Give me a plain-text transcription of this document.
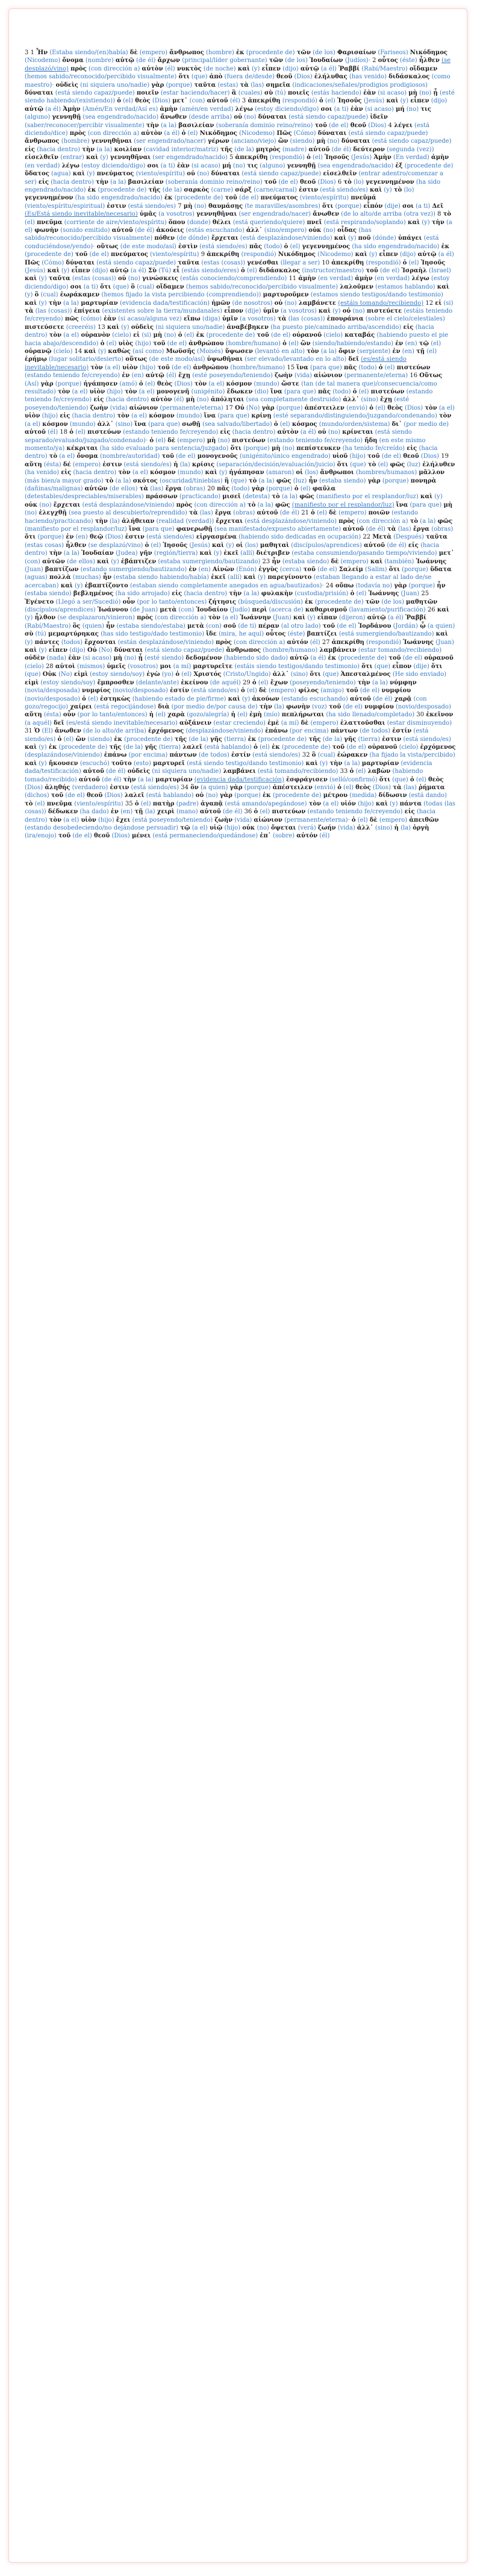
3 1 Ἦν (Estaba siendo/(en)había) δὲ (empero) ἄνθρωπος (hombre) ἐκ (procedente de) τῶν (de los) Φαρισαίων (Fariseos) Νικόδημος (Nicodemo) ὄνομα (nombre) αὐτῷ (de él) ἄρχων (principal/líder gobernante) τῶν (de los) Ἰουδαίων (Judíos)· 2 οὗτος (éste) ἦλθεν (se desplazó/vino) πρὸς (con dirección a) αὐτὸν (él) νυκτὸς (de noche) καὶ (y) εἶπεν (dijo) αὐτῷ (a él) Ῥαββί (Rabí/Maestro) οἴδαμεν (hemos sabido/reconocido/percibido visualmente) ὅτι (que) ἀπὸ (fuera de/desde) θεοῦ (Dios) ἐλήλυθας (has venido) διδάσκαλος (como maestro)· οὐδεὶς (ni siquiera uno/nadie) γὰρ (porque) ταῦτα (estas) τὰ (las) σημεῖα (indicaciones/señales/prodigios prodigiosos) δύναται (está siendo capaz/puede) ποιεῖν (estar haciendo/hacer) ἃ (cuales) σὺ (tú) ποιεῖς (estás haciendo) ἐὰν (si acaso) μὴ (no) ᾖ (esté siendo habiendo/(existiendo)) ὁ (el) θεὸς (Dios) μετ᾽ (con) αὐτοῦ (él) 3 ἀπεκρίθη (respondió) ὁ (el) Ἰησοῦς (Jesús) καὶ (y) εἶπεν (dijo) αὐτῷ (a él) Ἀμὴν (Amén/En verdad/Así es) ἀμὴν (amén/en verdad) λέγω (estoy diciendo/digo) σοι (a ti) ἐὰν (si acaso) μή (no) τις (alguno) γεννηθῇ (sea engendrado/nacido) ἄνωθεν (desde arriba) οὐ (no) δύναται (está siendo capaz/puede) ἰδεῖν (saber/reconocer/percibir visualmente) τὴν (a la) βασιλείαν (soberanía dominio reino/reino) τοῦ (de el) θεοῦ (Dios) 4 λέγει (está diciendo/dice) πρὸς (con dirección a) αὐτὸν (a él) ὁ (el) Νικόδημος (Nicodemo) Πῶς (Cómo) δύναται (está siendo capaz/puede) ἄνθρωπος (hombre) γεννηθῆναι (ser engendrado/nacer) γέρων (anciano/viejo) ὢν (siendo) μὴ (no) δύναται (está siendo capaz/puede) εἰς (hacia dentro) τὴν (a la) κοιλίαν (cavidad interior/matriz) τῆς (de la) μητρὸς (madre) αὐτοῦ (de él) δεύτερον (segunda (vez)) εἰσελθεῖν (entrar) καὶ (y) γεννηθῆναι (ser engendrado/nacido) 5 ἀπεκρίθη (respondió) ὁ (el) Ἰησοῦς (Jesús) Ἀμὴν (En verdad) ἀμὴν (en verdad) λέγω (estoy diciendo/digo) σοι (a ti) ἐὰν (si acaso) μή (no) τις (alguno) γεννηθῇ (sea engendrado/nacido) ἐξ (procedente de) ὕδατος (agua) καὶ (y) πνεύματος (viento/espíritu) οὐ (no) δύναται (está siendo capaz/puede) εἰσελθεῖν (entrar adentro/comenzar a ser) εἰς (hacia dentro) τὴν (a la) βασιλείαν (soberanía dominio reino/reino) τοῦ (de el) θεοῦ (Dios) 6 τὸ (lo) γεγεννημένον (ha sido engendrado/nacido) ἐκ (procedente de) τῆς (de la) σαρκὸς (carne) σάρξ (carne/carnal) ἐστιν (está siendo/es) καὶ (y) τὸ (lo) γεγεννημένον (ha sido engendrado/nacido) ἐκ (procedente de) τοῦ (de el) πνεύματος (viento/espíritu) πνεῦμά (viento/espíritu/espiritual) ἐστιν (está siendo/es) 7 μὴ (no) θαυμάσῃς (te maravilles/asombres) ὅτι (porque) εἶπόν (dije) σοι (a ti) Δεῖ (Es/Está siendo inevitable/necesario) ὑμᾶς (a vosotros) γεννηθῆναι (ser engendrado/nacer) ἄνωθεν (de lo alto/de arriba (otra vez)) 8 τὸ (el) πνεῦμα (corriente de aire/viento/espíritu) ὅπου (donde) θέλει (está queriendo/quiere) πνεῖ (está respirando/soplando) καὶ (y) τὴν (a el) φωνὴν (sonido emitido) αὐτοῦ (de él) ἀκούεις (estás escuchando) ἀλλ᾽ (sino/empero) οὐκ (no) οἶδας (has sabido/reconocido/percibido visualmente) πόθεν (de dónde) ἔρχεται (está desplazándose/viniendo) καὶ (y) ποῦ (dónde) ὑπάγει (está conduciéndose/yendo)· οὕτως (de este modo/así) ἐστὶν (está siendo/es) πᾶς (todo) ὁ (el) γεγεννημένος (ha sido engendrado/nacido) ἐκ (procedente de) τοῦ (de el) πνεύματος (viento/espíritu) 9 ἀπεκρίθη (respondió) Νικόδημος (Nicodemo) καὶ (y) εἶπεν (dijo) αὐτῷ (a él) Πῶς (Cómo) δύναται (está siendo capaz/puede) ταῦτα (estas (cosas)) γενέσθαι (llegar a ser) 10 ἀπεκρίθη (respondió) ὁ (el) Ἰησοῦς (Jesús) καὶ (y) εἶπεν (dijo) αὐτῷ (a él) Σὺ (Tú) εἶ (estás siendo/eres) ὁ (el) διδάσκαλος (instructor/maestro) τοῦ (de el) Ἰσραὴλ (Israel) καὶ (y) ταῦτα (estas (cosas)) οὐ (no) γινώσκεις (estás conociendo/comprendiendo) 11 ἀμὴν (en verdad) ἀμὴν (en verdad) λέγω (estoy diciendo/digo) σοι (a ti) ὅτι (que) ὃ (cual) οἴδαμεν (hemos sabido/reconocido/percibido visualmente) λαλοῦμεν (estamos hablando) καὶ (y) ὃ (cual) ἑωράκαμεν (hemos fijado la vista percibiendo (comprendiendo)) μαρτυροῦμεν (estamos siendo testigos/dando testimonio) καὶ (y) τὴν (a la) μαρτυρίαν (evidencia dada/testificación) ἡμῶν (de nosotros) οὐ (no) λαμβάνετε (estáis tomando/recibiendo) 12 εἰ (si) τὰ (las (cosas)) ἐπίγεια (existentes sobre la tierra/mundanales) εἶπον (dije) ὑμῖν (a vosotros) καὶ (y) οὐ (no) πιστεύετε (estáis teniendo fe/creyendo) πῶς (cómo) ἐὰν (si acaso/alguna vez) εἴπω (diga) ὑμῖν (a vosotros) τὰ (las (cosas)) ἐπουράνια (sobre el cielo/celestiales) πιστεύσετε (creeréis) 13 καὶ (y) οὐδεὶς (ni siquiera uno/nadie) ἀναβέβηκεν (ha puesto pie/caminado arriba/ascendido) εἰς (hacia dentro) τὸν (a el) οὐρανὸν (cielo) εἰ (si) μὴ (no) ὁ (el) ἐκ (procedente de) τοῦ (de el) οὐρανοῦ (cielo) καταβάς (habiendo puesto el pie hacia abajo/descendido) ὁ (el) υἱὸς (hijo) τοῦ (de el) ἀνθρώπου (hombre/humano) ὁ (el) ὢν (siendo/habiendo/estando) ἐν (en) τῷ (el) οὐρανῷ (cielo) 14 καὶ (y) καθὼς (así como) Μωϋσῆς (Moisés) ὕψωσεν (levantó en alto) τὸν (a la) ὄφιν (serpiente) ἐν (en) τῇ (el) ἐρήμῳ (lugar solitario/desierto) οὕτως (de este modo/así) ὑψωθῆναι (ser elevado/levantado en lo alto) δεῖ (es/está siendo inevitable/necesario) τὸν (a el) υἱὸν (hijo) τοῦ (de el) ἀνθρώπου (hombre/humano) 15 ἵνα (para que) πᾶς (todo) ὁ (el) πιστεύων (estando teniendo fe/creyendo) ἐν (en) αὐτῷ (él) ἔχῃ (esté poseyendo/teniendo) ζωὴν (vida) αἰώνιον (permanente/eterna) 16 Οὕτως (Así) γὰρ (porque) ἠγάπησεν (amó) ὁ (el) θεὸς (Dios) τὸν (a el) κόσμον (mundo) ὥστε (tan (de tal manera que)/consecuencia/como resultado) τὸν (a el) υἱὸν (hijo) τὸν (a el) μονογενῆ (unigénito) ἔδωκεν (dio) ἵνα (para que) πᾶς (todo) ὁ (el) πιστεύων (estando teniendo fe/creyendo) εἰς (hacia dentro) αὐτὸν (él) μὴ (no) ἀπόληται (sea completamente destruido) ἀλλ᾽ (sino) ἔχῃ (esté poseyendo/teniendo) ζωὴν (vida) αἰώνιον (permanente/eterna) 17 Οὐ (No) γὰρ (porque) ἀπέστειλεν (envió) ὁ (el) θεὸς (Dios) τὸν (a el) υἱὸν (hijo) εἰς (hacia dentro) τὸν (a el) κόσμον (mundo) ἵνα (para que) κρίνῃ (esté separando/distinguiendo/juzgando/condenando) τὸν (a el) κόσμον (mundo) ἀλλ᾽ (sino) ἵνα (para que) σωθῇ (sea salvado/libertado) ὁ (el) κόσμος (mundo/orden/sistema) δι᾽ (por medio de) αὐτοῦ (él) 18 ὁ (el) πιστεύων (estando teniendo fe/creyendo) εἰς (hacia dentro) αὐτὸν (a él) οὐ (no) κρίνεται (está siendo separado/evaluado/juzgado/condenado)· ὁ (el) δὲ (empero) μὴ (no) πιστεύων (estando teniendo fe/creyendo) ἤδη (en este mismo momento/ya) κέκριται (ha sido evaluado para sentencia/juzgado) ὅτι (porque) μὴ (no) πεπίστευκεν (ha tenido fe/creído) εἰς (hacia dentro) τὸ (a el) ὄνομα (nombre/autoridad) τοῦ (de el) μονογενοῦς (unigénito/único engendrado) υἱοῦ (hijo) τοῦ (de el) θεοῦ (Dios) 19 αὕτη (ésta) δέ (empero) ἐστιν (está siendo/es) ἡ (la) κρίσις (separación/decisión/evaluación/juicio) ὅτι (que) τὸ (el) φῶς (luz) ἐλήλυθεν (ha venido) εἰς (hacia dentro) τὸν (a el) κόσμον (mundo) καὶ (y) ἠγάπησαν (amaron) οἱ (los) ἄνθρωποι (hombres/humanos) μᾶλλον (más bien/a mayor grado) τὸ (a la) σκότος (oscuridad/tinieblas) ἢ (que) τὸ (a la) φῶς (luz) ἦν (estaba siendo) γὰρ (porque) πονηρὰ (dañinas/malignas) αὐτῶν (de ellos) τὰ (las) ἔργα (obras) 20 πᾶς (todo) γὰρ (porque) ὁ (el) φαῦλα (detestables/despreciables/miserables) πράσσων (practicando) μισεῖ (detesta) τὸ (a la) φῶς (manifiesto por el resplandor/luz) καὶ (y) οὐκ (no) ἔρχεται (está desplazándose/viniendo) πρὸς (con dirección a) τὸ (a la) φῶς (manifiesto por el resplandor/luz) ἵνα (para que) μὴ (no) ἐλεγχθῇ (sea puesto al descubierto/reprendido) τὰ (las) ἔργα (obras) αὐτοῦ (de él) 21 ὁ (el) δὲ (empero) ποιῶν (estando haciendo/practicando) τὴν (la) ἀλήθειαν (realidad (verdad)) ἔρχεται (está desplazándose/viniendo) πρὸς (con dirección a) τὸ (a la) φῶς (manifiesto por el resplandor/luz) ἵνα (para que) φανερωθῇ (sea manifestado/expuesto abiertamente) αὐτοῦ (de él) τὰ (las) ἔργα (obras) ὅτι (porque) ἐν (en) θεῷ (Dios) ἐστιν (está siendo/es) εἰργασμένα (habiendo sido dedicadas en ocupación) 22 Μετὰ (Después) ταῦτα (estas cosas) ἦλθεν (se desplazó/vino) ὁ (el) Ἰησοῦς (Jesús) καὶ (y) οἱ (los) μαθηταὶ (discípulos/aprendices) αὐτοῦ (de él) εἰς (hacia dentro) τὴν (a la) Ἰουδαίαν (Judea) γῆν (región/tierra) καὶ (y) ἐκεῖ (allí) διέτριβεν (estaba consumiendo/pasando tiempo/viviendo) μετ᾽ (con) αὐτῶν (de ellos) καὶ (y) ἐβάπτιζεν (estaba sumergiendo/bautizando) 23 ἦν (estaba siendo) δὲ (empero) καὶ (también) Ἰωάννης (Juan) βαπτίζων (estando sumergiendo/bautizando) ἐν (en) Αἰνὼν (Enón) ἐγγὺς (cerca) τοῦ (de el) Σαλείμ (Salim) ὅτι (porque) ὕδατα (aguas) πολλὰ (muchas) ἦν (estaba siendo habiendo/había) ἐκεῖ (allí) καὶ (y) παρεγίνοντο (estaban llegando a estar al lado de/se acercaban) καὶ (y) ἐβαπτίζοντο (estaban siendo completamente anegados en agua/bautizados)· 24 οὔπω (todavía no) γὰρ (porque) ἦν (estaba siendo) βεβλημένος (ha sido arrojado) εἰς (hacia dentro) τὴν (a la) φυλακὴν (custodia/prisión) ὁ (el) Ἰωάννης (Juan) 25 Ἐγένετο (Llegó a ser/Sucedió) οὖν (por lo tanto/entonces) ζήτησις (búsqueda/discusión) ἐκ (procedente de) τῶν (de los) μαθητῶν (discípulos/aprendices) Ἰωάννου (de Juan) μετὰ (con) Ἰουδαίου (Judío) περὶ (acerca de) καθαρισμοῦ (lavamiento/purificación) 26 καὶ (y) ἦλθον (se desplazaron/vinieron) πρὸς (con dirección a) τὸν (a el) Ἰωάννην (Juan) καὶ (y) εἶπαν (dijeron) αὐτῷ (a él) Ῥαββί (Rabí/Maestro) ὃς (quien) ἦν (estaba siendo/estaba) μετὰ (con) σοῦ (de ti) πέραν (al otro lado) τοῦ (de el) Ἰορδάνου (Jordán) ᾧ (a quien) σὺ (tú) μεμαρτύρηκας (has sido testigo/dado testimonio) ἴδε (mira, he aquí) οὗτος (éste) βαπτίζει (está sumergiendo/bautizando) καὶ (y) πάντες (todos) ἔρχονται (están desplazándose/viniendo) πρὸς (con dirección a) αὐτόν (él) 27 ἀπεκρίθη (respondió) Ἰωάννης (Juan) καὶ (y) εἶπεν (dijo) Οὐ (No) δύναται (está siendo capaz/puede) ἄνθρωπος (hombre/humano) λαμβάνειν (estar tomando/recibiendo) οὐδὲν (nada) ἐὰν (si acaso) μὴ (no) ᾖ (esté siendo) δεδομένον (habiendo sido dado) αὐτῷ (a él) ἐκ (procedente de) τοῦ (de el) οὐρανοῦ (cielo) 28 αὐτοὶ (mismos) ὑμεῖς (vosotros) μοι (a mí) μαρτυρεῖτε (estáis siendo testigos/dando testimonio) ὅτι (que) εἶπον (dije) ὅτι (que) Οὐκ (No) εἰμὶ (estoy siendo/soy) ἐγὼ (yo) ὁ (el) Χριστός (Cristo/Ungido) ἀλλ᾽ (sino) ὅτι (que) Ἀπεσταλμένος (He sido enviado) εἰμὶ (estoy siendo/soy) ἔμπροσθεν (delante/ante) ἐκείνου (de aquél) 29 ὁ (el) ἔχων (poseyendo/teniendo) τὴν (a la) νύμφην (novia/desposada) νυμφίος (novio/desposado) ἐστίν (está siendo/es) ὁ (el) δὲ (empero) φίλος (amigo) τοῦ (de el) νυμφίου (novio/desposado) ὁ (el) ἑστηκὼς (habiendo estado de pie/firme) καὶ (y) ἀκούων (estando escuchando) αὐτοῦ (de él) χαρᾷ (con gozo/regocijo) χαίρει (está regocijándose) διὰ (por medio de/por causa de) τὴν (la) φωνὴν (voz) τοῦ (de el) νυμφίου (novio/desposado) αὕτη (ésta) οὖν (por lo tanto/entonces) ἡ (el) χαρὰ (gozo/alegría) ἡ (el) ἐμὴ (mío) πεπλήρωται (ha sido llenado/completado) 30 ἐκεῖνον (a aquél) δεῖ (es/está siendo inevitable/necesario) αὐξάνειν (estar creciendo) ἐμὲ (a mí) δὲ (empero) ἐλαττοῦσθαι (estar disminuyendo) 31 Ὁ (El) ἄνωθεν (de lo alto/de arriba) ἐρχόμενος (desplazándose/viniendo) ἐπάνω (por encima) πάντων (de todos) ἐστίν (está siendo/es) ὁ (el) ὢν (siendo) ἐκ (procedente de) τῆς (de la) γῆς (tierra) ἐκ (procedente de) τῆς (de la) γῆς (tierra) ἐστιν (está siendo/es) καὶ (y) ἐκ (procedente de) τῆς (de la) γῆς (tierra) λαλεῖ (está hablando) ὁ (el) ἐκ (procedente de) τοῦ (de el) οὐρανοῦ (cielo) ἐρχόμενος (desplazándose/viniendo) ἐπάνω (por encima) πάντων (de todos) ἐστίν (está siendo/es) 32 ὃ (cual) ἑώρακεν (ha fijado la vista/percibido) καὶ (y) ἤκουσεν (escuchó) τοῦτο (esto) μαρτυρεῖ (está siendo testigo/dando testimonio) καὶ (y) τὴν (a la) μαρτυρίαν (evidencia dada/testificación) αὐτοῦ (de él) οὐδεὶς (ni siquiera uno/nadie) λαμβάνει (está tomando/recibiendo) 33 ὁ (el) λαβὼν (habiendo tomado/recibido) αὐτοῦ (de él) τὴν (a la) μαρτυρίαν (evidencia dada/testificación) ἐσφράγισεν (selló/confirmó) ὅτι (que) ὁ (el) θεὸς (Dios) ἀληθής (verdadero) ἐστιν (está siendo/es) 34 ὃν (a quien) γὰρ (porque) ἀπέστειλεν (envió) ὁ (el) θεὸς (Dios) τὰ (las) ῥήματα (dichos) τοῦ (de el) θεοῦ (Dios) λαλεῖ (está hablando) οὐ (no) γὰρ (porque) ἐκ (procedente de) μέτρου (medida) δίδωσιν (está dando) τὸ (el) πνεῦμα (viento/espíritu) 35 ὁ (el) πατὴρ (padre) ἀγαπᾷ (está amando/apegándose) τὸν (a el) υἱόν (hijo) καὶ (y) πάντα (todas (las cosas)) δέδωκεν (ha dado) ἐν (en) τῇ (la) χειρὶ (mano) αὐτοῦ (de él) 36 ὁ (el) πιστεύων (estando teniendo fe/creyendo) εἰς (hacia dentro) τὸν (a el) υἱὸν (hijo) ἔχει (está poseyendo/teniendo) ζωὴν (vida) αἰώνιον (permanente/eterna)· ὁ (el) δὲ (empero) ἀπειθῶν (estando desobedeciendo/no dejándose persuadir) τῷ (a el) υἱῷ (hijo) οὐκ (no) ὄψεται (verá) ζωήν (vida) ἀλλ᾽ (sino) ἡ (la) ὀργὴ (ira/enojo) τοῦ (de el) θεοῦ (Dios) μένει (está permaneciendo/quedándose) ἐπ᾽ (sobre) αὐτόν (él)
